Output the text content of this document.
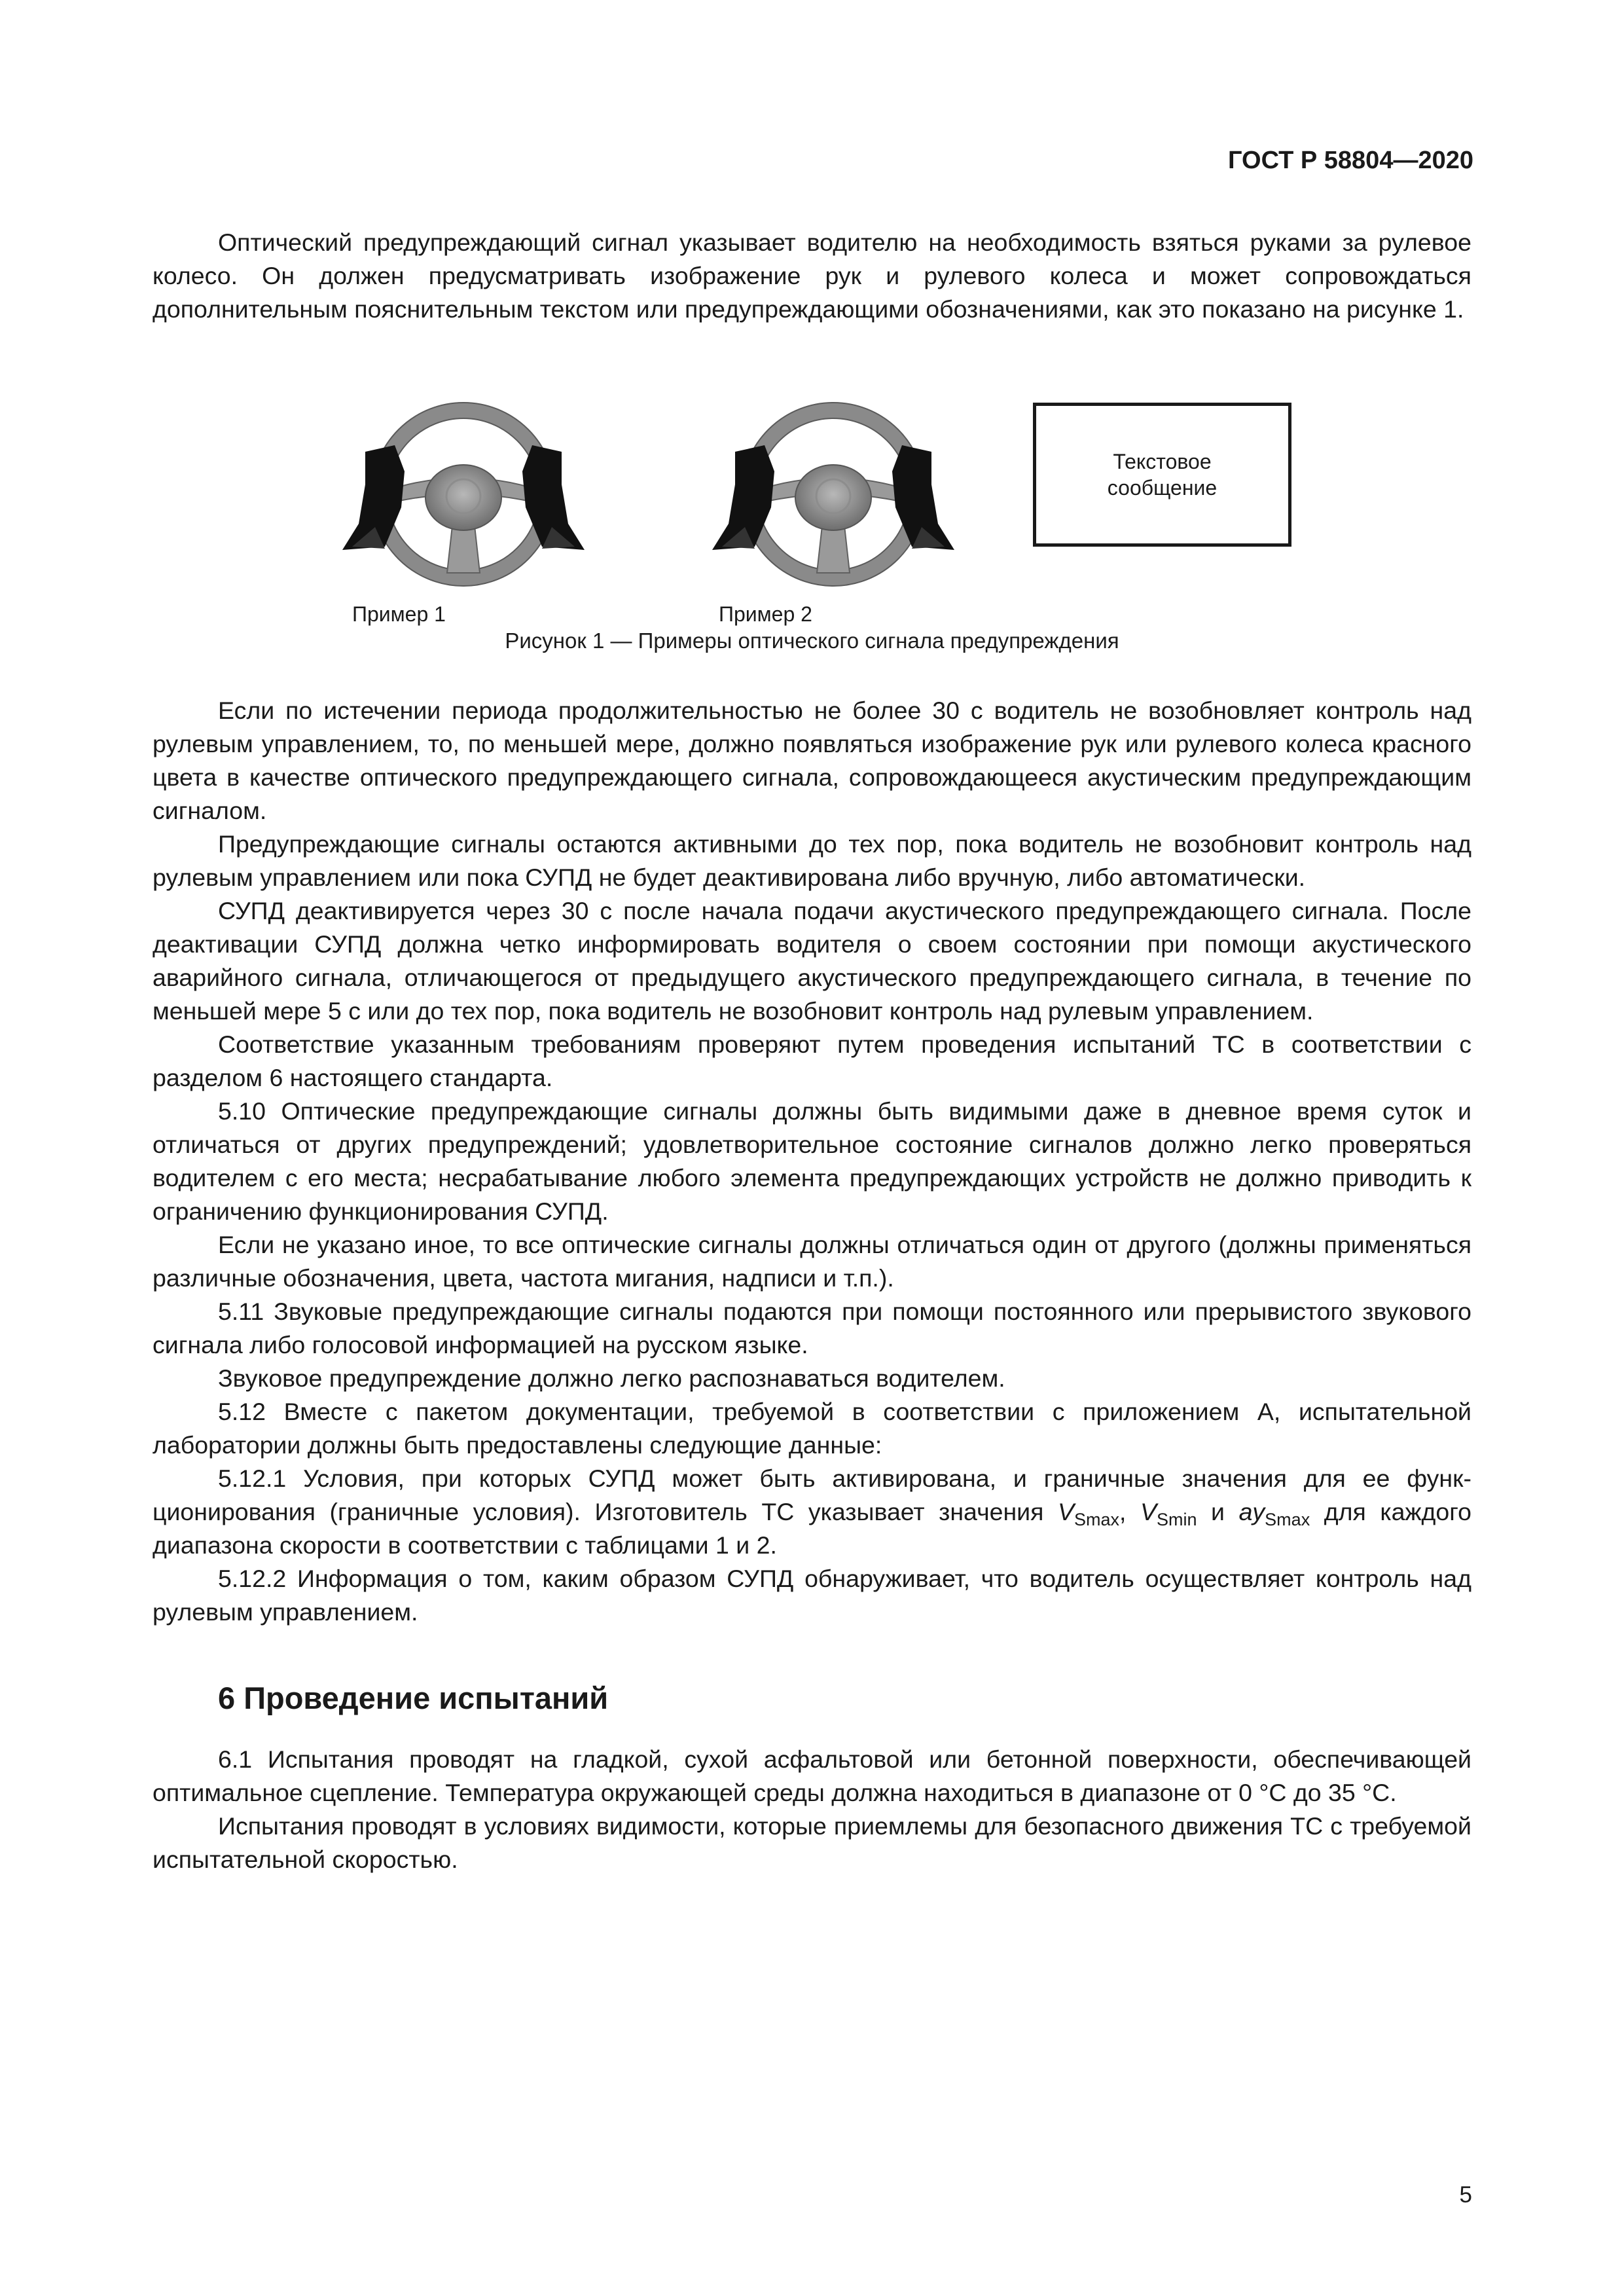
ГОСТ Р 58804—2020

Оптический предупреждающий сигнал указывает водителю на необходимость взяться руками за рулевое колесо. Он должен предусматривать изображение рук и рулевого колеса и может сопровождаться дополнительным пояснительным текстом или предупреждающими обозначениями, как это показано на рисунке 1.

Текстовое
сообщение
Пример 1	Пример 2
Рисунок 1 — Примеры оптического сигнала предупреждения

Если по истечении периода продолжительностью не более 30 с водитель не возобновляет контроль над рулевым управлением, то, по меньшей мере, должно появляться изображение рук или рулевого колеса красного цвета в качестве оптического предупреждающего сигнала, сопровождающееся акустическим предупреждающим сигналом.

Предупреждающие сигналы остаются активными до тех пор, пока водитель не возобновит контроль над рулевым управлением или пока СУПД не будет деактивирована либо вручную, либо автоматически.

СУПД деактивируется через 30 с после начала подачи акустического предупреждающего сигнала. После деактивации СУПД должна четко информировать водителя о своем состоянии при помощи акустического аварийного сигнала, отличающегося от предыдущего акустического предупреждающего сигнала, в течение по меньшей мере 5 с или до тех пор, пока водитель не возобновит контроль над рулевым управлением.

Соответствие указанным требованиям проверяют путем проведения испытаний ТС в соответствии с разделом 6 настоящего стандарта.

5.10 Оптические предупреждающие сигналы должны быть видимыми даже в дневное время суток и отличаться от других предупреждений; удовлетворительное состояние сигналов должно легко проверяться водителем с его места; несрабатывание любого элемента предупреждающих устройств не должно приводить к ограничению функционирования СУПД.

Если не указано иное, то все оптические сигналы должны отличаться один от другого (должны применяться различные обозначения, цвета, частота мигания, надписи и т.п.).

5.11 Звуковые предупреждающие сигналы подаются при помощи постоянного или прерывистого звукового сигнала либо голосовой информацией на русском языке.

Звуковое предупреждение должно легко распознаваться водителем.

5.12 Вместе с пакетом документации, требуемой в соответствии с приложением А, испытательной лаборатории должны быть предоставлены следующие данные:

5.12.1 Условия, при которых СУПД может быть активирована, и граничные значения для ее функционирования (граничные условия). Изготовитель ТС указывает значения $V_{Smax}$, $V_{Smin}$ и $ay_{Smax}$ для каждого диапазона скорости в соответствии с таблицами 1 и 2.

5.12.2 Информация о том, каким образом СУПД обнаруживает, что водитель осуществляет контроль над рулевым управлением.

6 Проведение испытаний

6.1 Испытания проводят на гладкой, сухой асфальтовой или бетонной поверхности, обеспечивающей оптимальное сцепление. Температура окружающей среды должна находиться в диапазоне от 0 °С до 35 °С.

Испытания проводят в условиях видимости, которые приемлемы для безопасного движения ТС с требуемой испытательной скоростью.

5
